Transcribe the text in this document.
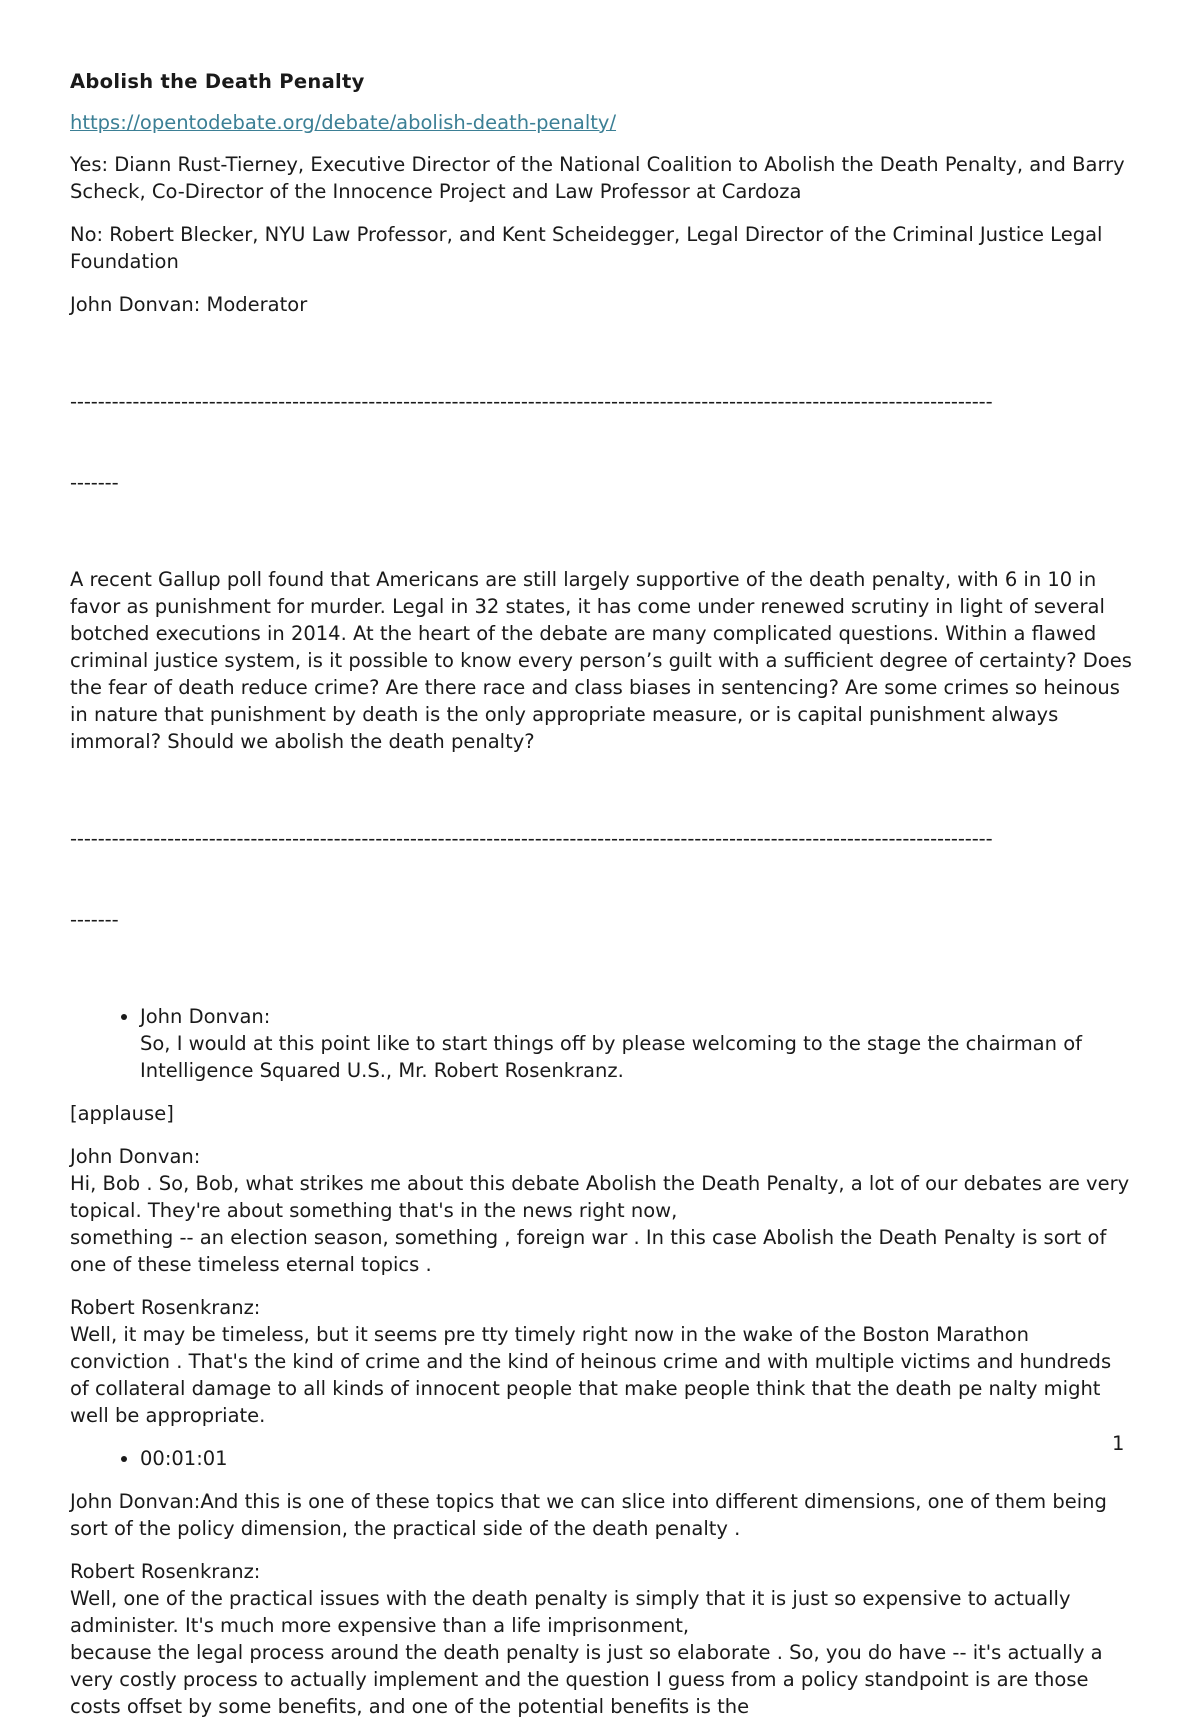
Abolish the Death Penalty

https://opentodebate.org/debate/abolish-death-penalty/

Yes: Diann Rust-Tierney, Executive Director of the National Coalition to Abolish the Death Penalty, and Barry Scheck, Co-Director of the Innocence Project and Law Professor at Cardoza

No: Robert Blecker, NYU Law Professor, and Kent Scheidegger, Legal Director of the Criminal Justice Legal Foundation

John Donvan: Moderator

-------------------------------------------------------------------------------------------------------------------------------------

-------

A recent Gallup poll found that Americans are still largely supportive of the death penalty, with 6 in 10 in favor as punishment for murder. Legal in 32 states, it has come under renewed scrutiny in light of several botched executions in 2014. At the heart of the debate are many complicated questions. Within a flawed criminal justice system, is it possible to know every person’s guilt with a sufficient degree of certainty? Does the fear of death reduce crime? Are there race and class biases in sentencing? Are some crimes so heinous in nature that punishment by death is the only appropriate measure, or is capital punishment always immoral? Should we abolish the death penalty?

-------------------------------------------------------------------------------------------------------------------------------------

-------

• John Donvan:
So, I would at this point like to start things off by please welcoming to the stage the chairman of Intelligence Squared U.S., Mr. Robert Rosenkranz.

[applause]

John Donvan:
Hi, Bob . So, Bob, what strikes me about this debate Abolish the Death Penalty, a lot of our debates are very topical. They're about something that's in the news right now,
something -- an election season, something , foreign war . In this case Abolish the Death Penalty is sort of one of these timeless eternal topics .
Robert Rosenkranz:
Well, it may be timeless, but it seems pre tty timely right now in the wake of the Boston Marathon conviction . That's the kind of crime and the kind of heinous crime and with multiple victims and hundreds of collateral damage to all kinds of innocent people that make people think that the death pe nalty might well be appropriate.
• 00:01:01

John Donvan:And this is one of these topics that we can slice into different dimensions, one of them being sort of the policy dimension, the practical side of the death penalty .

Robert Rosenkranz:
Well, one of the practical issues with the death penalty is simply that it is just so expensive to actually administer. It's much more expensive than a life imprisonment,
because the legal process around the death penalty is just so elaborate . So, you do have -- it's actually a very costly process to actually implement and the question I guess from a policy standpoint is are those costs offset by some benefits, and one of the potential benefits is the
1
